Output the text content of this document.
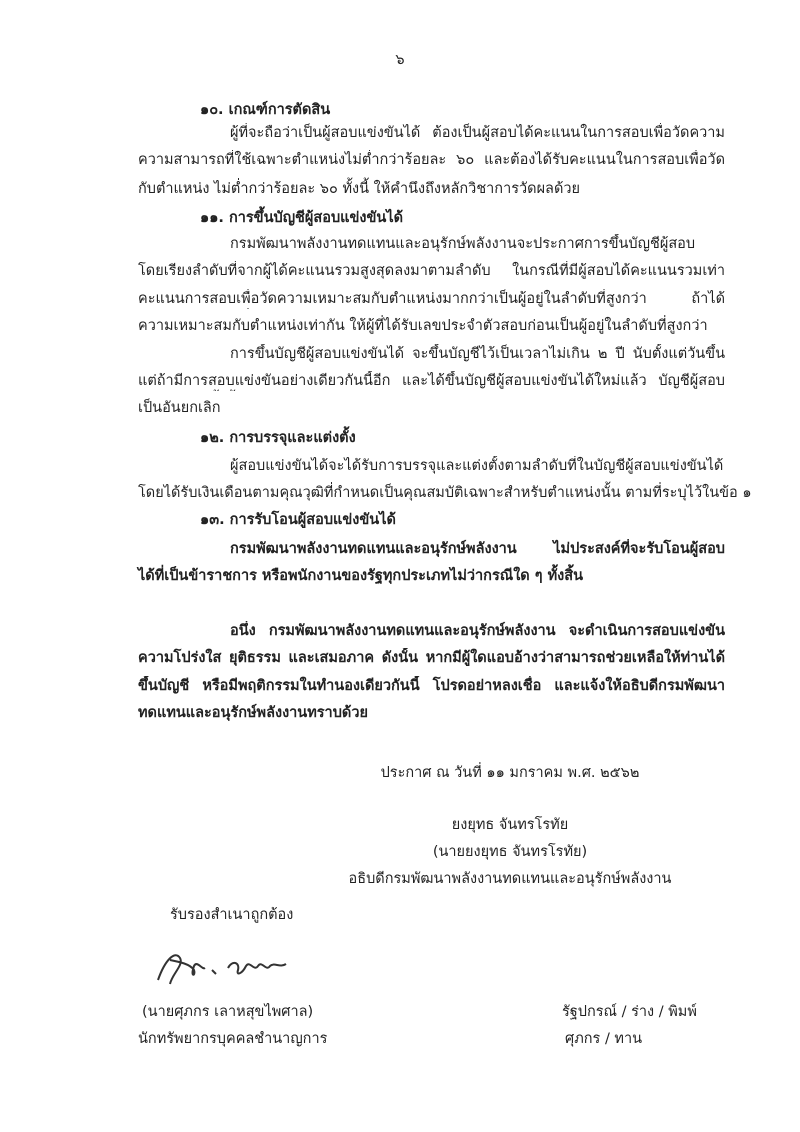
๖
๑๐. เกณฑ์การตัดสิน
ผู้ที่จะถือว่าเป็นผู้สอบแข่งขันได้ ต้องเป็นผู้สอบได้คะแนนในการสอบเพื่อวัดความ
ความสามารถที่ใช้เฉพาะตำแหน่งไม่ต่ำกว่าร้อยละ ๖๐ และต้องได้รับคะแนนในการสอบเพื่อวัด
กับตำแหน่ง ไม่ต่ำกว่าร้อยละ ๖๐ ทั้งนี้ ให้คำนึงถึงหลักวิชาการวัดผลด้วย
๑๑. การขึ้นบัญชีผู้สอบแข่งขันได้
กรมพัฒนาพลังงานทดแทนและอนุรักษ์พลังงานจะประกาศการขึ้นบัญชีผู้สอบ
โดยเรียงลำดับที่จากผู้ได้คะแนนรวมสูงสุดลงมาตามลำดับ ในกรณีที่มีผู้สอบได้คะแนนรวมเท่า
คะแนนการสอบเพื่อวัดความเหมาะสมกับตำแหน่งมากกว่าเป็นผู้อยู่ในลำดับที่สูงกว่า ถ้าได้
ความเหมาะสมกับตำแหน่งเท่ากัน ให้ผู้ที่ได้รับเลขประจำตัวสอบก่อนเป็นผู้อยู่ในลำดับที่สูงกว่า
การขึ้นบัญชีผู้สอบแข่งขันได้ จะขึ้นบัญชีไว้เป็นเวลาไม่เกิน ๒ ปี นับตั้งแต่วันขึ้น
แต่ถ้ามีการสอบแข่งขันอย่างเดียวกันนี้อีก และได้ขึ้นบัญชีผู้สอบแข่งขันได้ใหม่แล้ว บัญชีผู้สอบ
เป็นอันยกเลิก
๑๒. การบรรจุและแต่งตั้ง
ผู้สอบแข่งขันได้จะได้รับการบรรจุและแต่งตั้งตามลำดับที่ในบัญชีผู้สอบแข่งขันได้
โดยได้รับเงินเดือนตามคุณวุฒิที่กำหนดเป็นคุณสมบัติเฉพาะสำหรับตำแหน่งนั้น ตามที่ระบุไว้ในข้อ ๑
๑๓. การรับโอนผู้สอบแข่งขันได้
กรมพัฒนาพลังงานทดแทนและอนุรักษ์พลังงาน ไม่ประสงค์ที่จะรับโอนผู้สอบ
ได้ที่เป็นข้าราชการ หรือพนักงานของรัฐทุกประเภทไม่ว่ากรณีใด ๆ ทั้งสิ้น
อนึ่ง กรมพัฒนาพลังงานทดแทนและอนุรักษ์พลังงาน จะดำเนินการสอบแข่งขัน
ความโปร่งใส ยุติธรรม และเสมอภาค ดังนั้น หากมีผู้ใดแอบอ้างว่าสามารถช่วยเหลือให้ท่านได้
ขึ้นบัญชี หรือมีพฤติกรรมในทำนองเดียวกันนี้ โปรดอย่าหลงเชื่อ และแจ้งให้อธิบดีกรมพัฒนา
ทดแทนและอนุรักษ์พลังงานทราบด้วย
ประกาศ ณ วันที่ ๑๑ มกราคม พ.ศ. ๒๕๖๒
ยงยุทธ จันทรโรทัย
(นายยงยุทธ จันทรโรทัย)
อธิบดีกรมพัฒนาพลังงานทดแทนและอนุรักษ์พลังงาน
รับรองสำเนาถูกต้อง
(นายศุภกร เลาหสุขไพศาล)
นักทรัพยากรบุคคลชำนาญการ
รัฐปกรณ์ / ร่าง / พิมพ์
ศุภกร / ทาน
